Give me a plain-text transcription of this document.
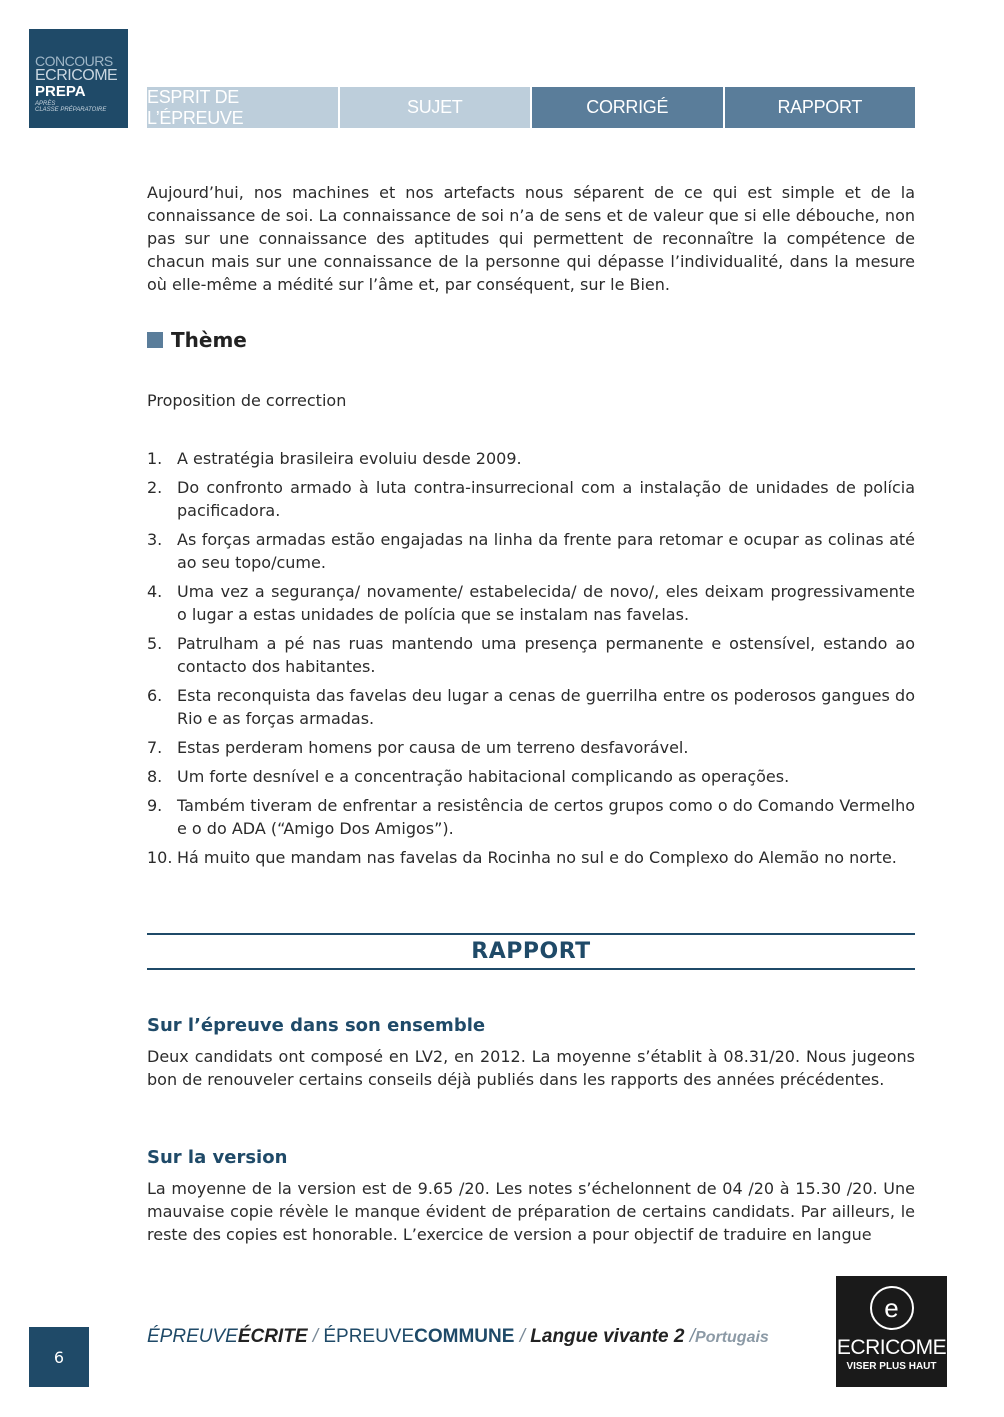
CONCOURS
ECRICOME
PREPA
APRÈS
CLASSE PRÉPARATOIRE
ESPRIT DE L’ÉPREUVE
SUJET	CORRIGÉ	RAPPORT
Aujourd’hui, nos machines et nos artefacts nous séparent de ce qui est simple et de la connaissance de soi. La connaissance de soi n’a de sens et de valeur que si elle débouche, non pas sur une connaissance des aptitudes qui permettent de reconnaître la compétence de chacun mais sur une connaissance de la personne qui dépasse l’individualité, dans la mesure où elle-même a médité sur l’âme et, par conséquent, sur le Bien.
Thème
Proposition de correction
1. A estratégia brasileira evoluiu desde 2009.
2. Do confronto armado à luta contra-insurrecional com a instalação de unidades de polícia pacificadora.
3. As forças armadas estão engajadas na linha da frente para retomar e ocupar as colinas até ao seu topo/cume.
4. Uma vez a segurança/ novamente/ estabelecida/ de novo/, eles deixam progressivamente o lugar a estas unidades de polícia que se instalam nas favelas.
5. Patrulham a pé nas ruas mantendo uma presença permanente e ostensível, estando ao contacto dos habitantes.
6. Esta reconquista das favelas deu lugar a cenas de guerrilha entre os poderosos gangues do Rio e as forças armadas.
7. Estas perderam homens por causa de um terreno desfavorável.
8. Um forte desnível e a concentração habitacional complicando as operações.
9. Também tiveram de enfrentar a resistência de certos grupos como o do Comando Vermelho e o do ADA (“Amigo Dos Amigos”).
10. Há muito que mandam nas favelas da Rocinha no sul e do Complexo do Alemão no norte.
RAPPORT
Sur l’épreuve dans son ensemble
Deux candidats ont composé en LV2, en 2012. La moyenne s’établit à 08.31/20. Nous jugeons bon de renouveler certains conseils déjà publiés dans les rapports des années précédentes.
Sur la version
La moyenne de la version est de 9.65 /20. Les notes s’échelonnent de 04 /20 à 15.30 /20. Une mauvaise copie révèle le manque évident de préparation de certains candidats. Par ailleurs, le reste des copies est honorable. L’exercice de version a pour objectif de traduire en langue
6
ÉPREUVEÉCRITE / ÉPREUVECOMMUNE / Langue vivante 2 /Portugais
e
ECRICOME
VISER PLUS HAUT
